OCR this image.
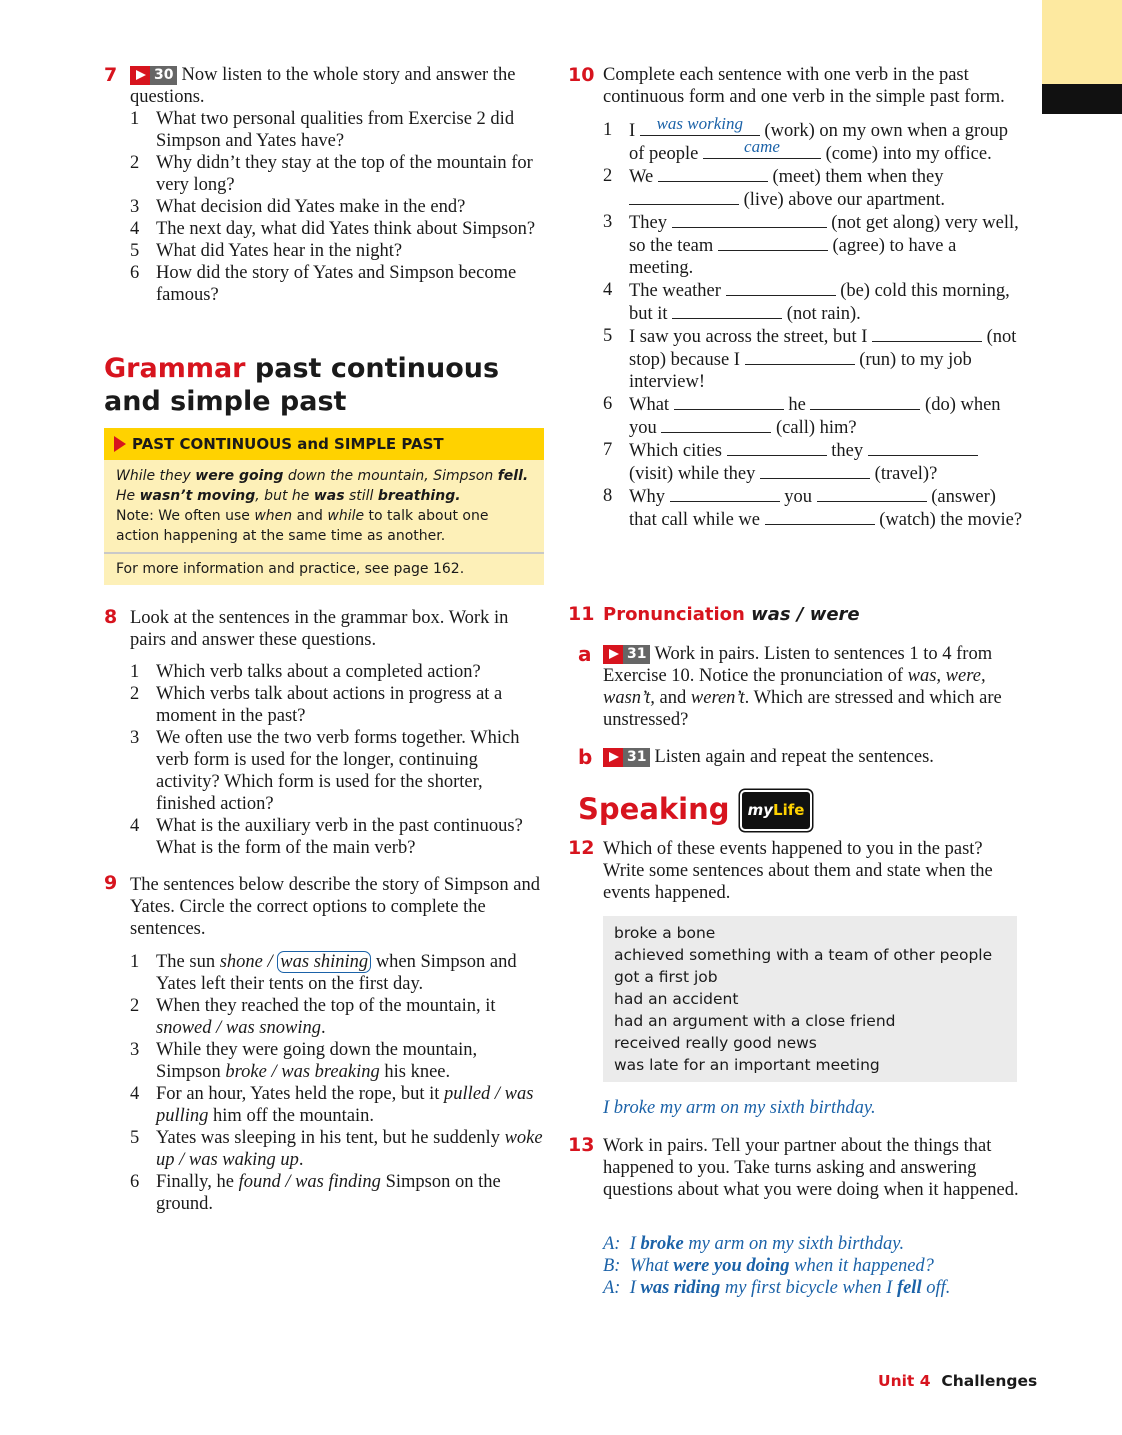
7	30 Now listen to the whole story and answer the questions.
1 What two personal qualities from Exercise 2 did Simpson and Yates have?
2 Why didn’t they stay at the top of the mountain for very long?
3 What decision did Yates make in the end?
4 The next day, what did Yates think about Simpson?
5 What did Yates hear in the night?
6 How did the story of Yates and Simpson become famous?
Grammar past continuous and simple past
PAST CONTINUOUS and SIMPLE PAST
While they were going down the mountain, Simpson fell.
He wasn’t moving, but he was still breathing.
Note: We often use when and while to talk about one action happening at the same time as another.
For more information and practice, see page 162.
8 Look at the sentences in the grammar box. Work in pairs and answer these questions.
1 Which verb talks about a completed action?
2 Which verbs talk about actions in progress at a moment in the past?
3 We often use the two verb forms together. Which verb form is used for the longer, continuing activity? Which form is used for the shorter, finished action?
4 What is the auxiliary verb in the past continuous? What is the form of the main verb?
9 The sentences below describe the story of Simpson and Yates. Circle the correct options to complete the sentences.
1 The sun shone / was shining when Simpson and Yates left their tents on the first day.
2 When they reached the top of the mountain, it snowed / was snowing.
3 While they were going down the mountain, Simpson broke / was breaking his knee.
4 For an hour, Yates held the rope, but it pulled / was pulling him off the mountain.
5 Yates was sleeping in his tent, but he suddenly woke up / was waking up.
6 Finally, he found / was finding Simpson on the ground.
10 Complete each sentence with one verb in the past continuous form and one verb in the simple past form.
1 I	was working	(work) on my own when a group of people	came	(come) into my office.
2 We	(meet) them when they  (live) above our apartment.
3 They	(not get along) very well, so the team	(agree) to have a meeting.
4 The weather	(be) cold this morning, but it	(not rain).
5 I saw you across the street, but I	(not stop) because I	(run) to my job interview!
6 What	he	(do) when you	(call) him?
7 Which cities	they  (visit) while they	(travel)?
8 Why	you	(answer) that call while we	(watch) the movie?
11 Pronunciation was / were
a	31 Work in pairs. Listen to sentences 1 to 4 from Exercise 10. Notice the pronunciation of was, were, wasn’t, and weren’t. Which are stressed and which are unstressed?
b	31 Listen again and repeat the sentences.
Speaking myLife
12 Which of these events happened to you in the past? Write some sentences about them and state when the events happened.
broke a bone
achieved something with a team of other people
got a first job
had an accident
had an argument with a close friend
received really good news
was late for an important meeting
I broke my arm on my sixth birthday.
13 Work in pairs. Tell your partner about the things that happened to you. Take turns asking and answering questions about what you were doing when it happened.
A: I broke my arm on my sixth birthday.
B: What were you doing when it happened?
A: I was riding my first bicycle when I fell off.
Unit 4 Challenges
